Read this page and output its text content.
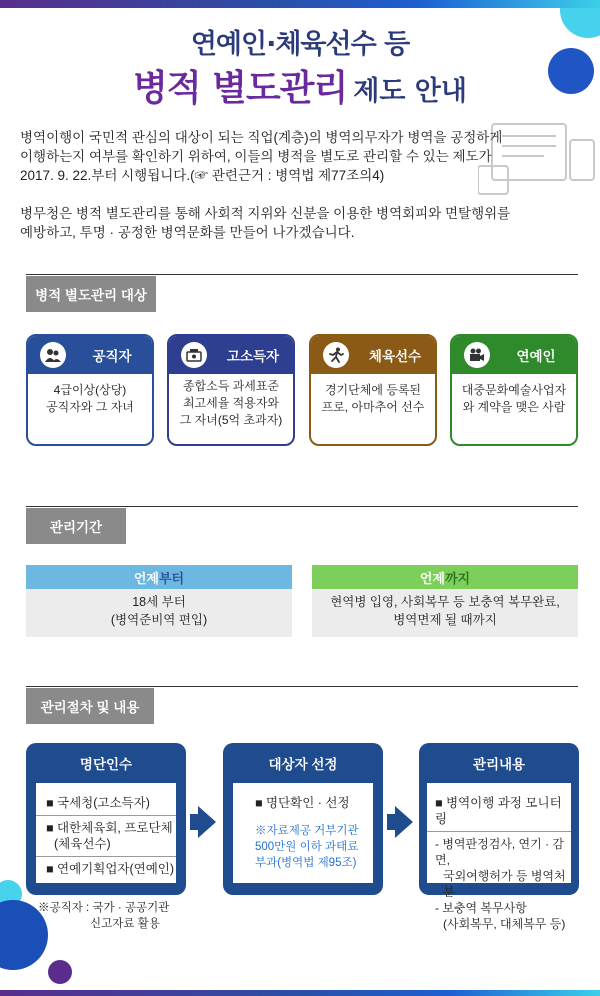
연예인·체육선수 등
병적 별도관리 제도 안내
병역이행이 국민적 관심의 대상이 되는 직업(계층)의 병역의무자가 병역을 공정하게
이행하는지 여부를 확인하기 위하여, 이들의 병적을 별도로 관리할 수 있는 제도가
2017. 9. 22.부터 시행됩니다.(☞ 관련근거 : 병역법 제77조의4)
병무청은 병적 별도관리를 통해 사회적 지위와 신분을 이용한 병역회피와 면탈행위를
예방하고, 투명 · 공정한 병역문화를 만들어 나가겠습니다.
병적 별도관리 대상
공직자
4급이상(상당)
공직자와 그 자녀
고소득자
종합소득 과세표준
최고세율 적용자와
그 자녀(5억 초과자)
체육선수
경기단체에 등록된
프로, 아마추어 선수
연예인
대중문화예술사업자
와 계약을 맺은 사람
관리기간
언제 부터
18세 부터
(병역준비역 편입)
언제 까지
현역병 입영, 사회복무 등 보충역 복무완료,
병역면제 될 때까지
관리절차 및 내용
명단인수
■ 국세청(고소득자)
■ 대한체육회, 프로단체
(체육선수)
■ 연예기획업자(연예인)
대상자 선정
■ 명단확인 · 선정
※자료제공 거부기관
500만원 이하 과태료
부과(병역법 제95조)
관리내용
■ 병역이행 과정 모니터링
- 병역판정검사, 연기 · 감면,
국외여행허가 등 병역처분
- 보충역 복무사항
(사회복무, 대체복무 등)
※공직자 : 국가 · 공공기관
신고자료 활용
